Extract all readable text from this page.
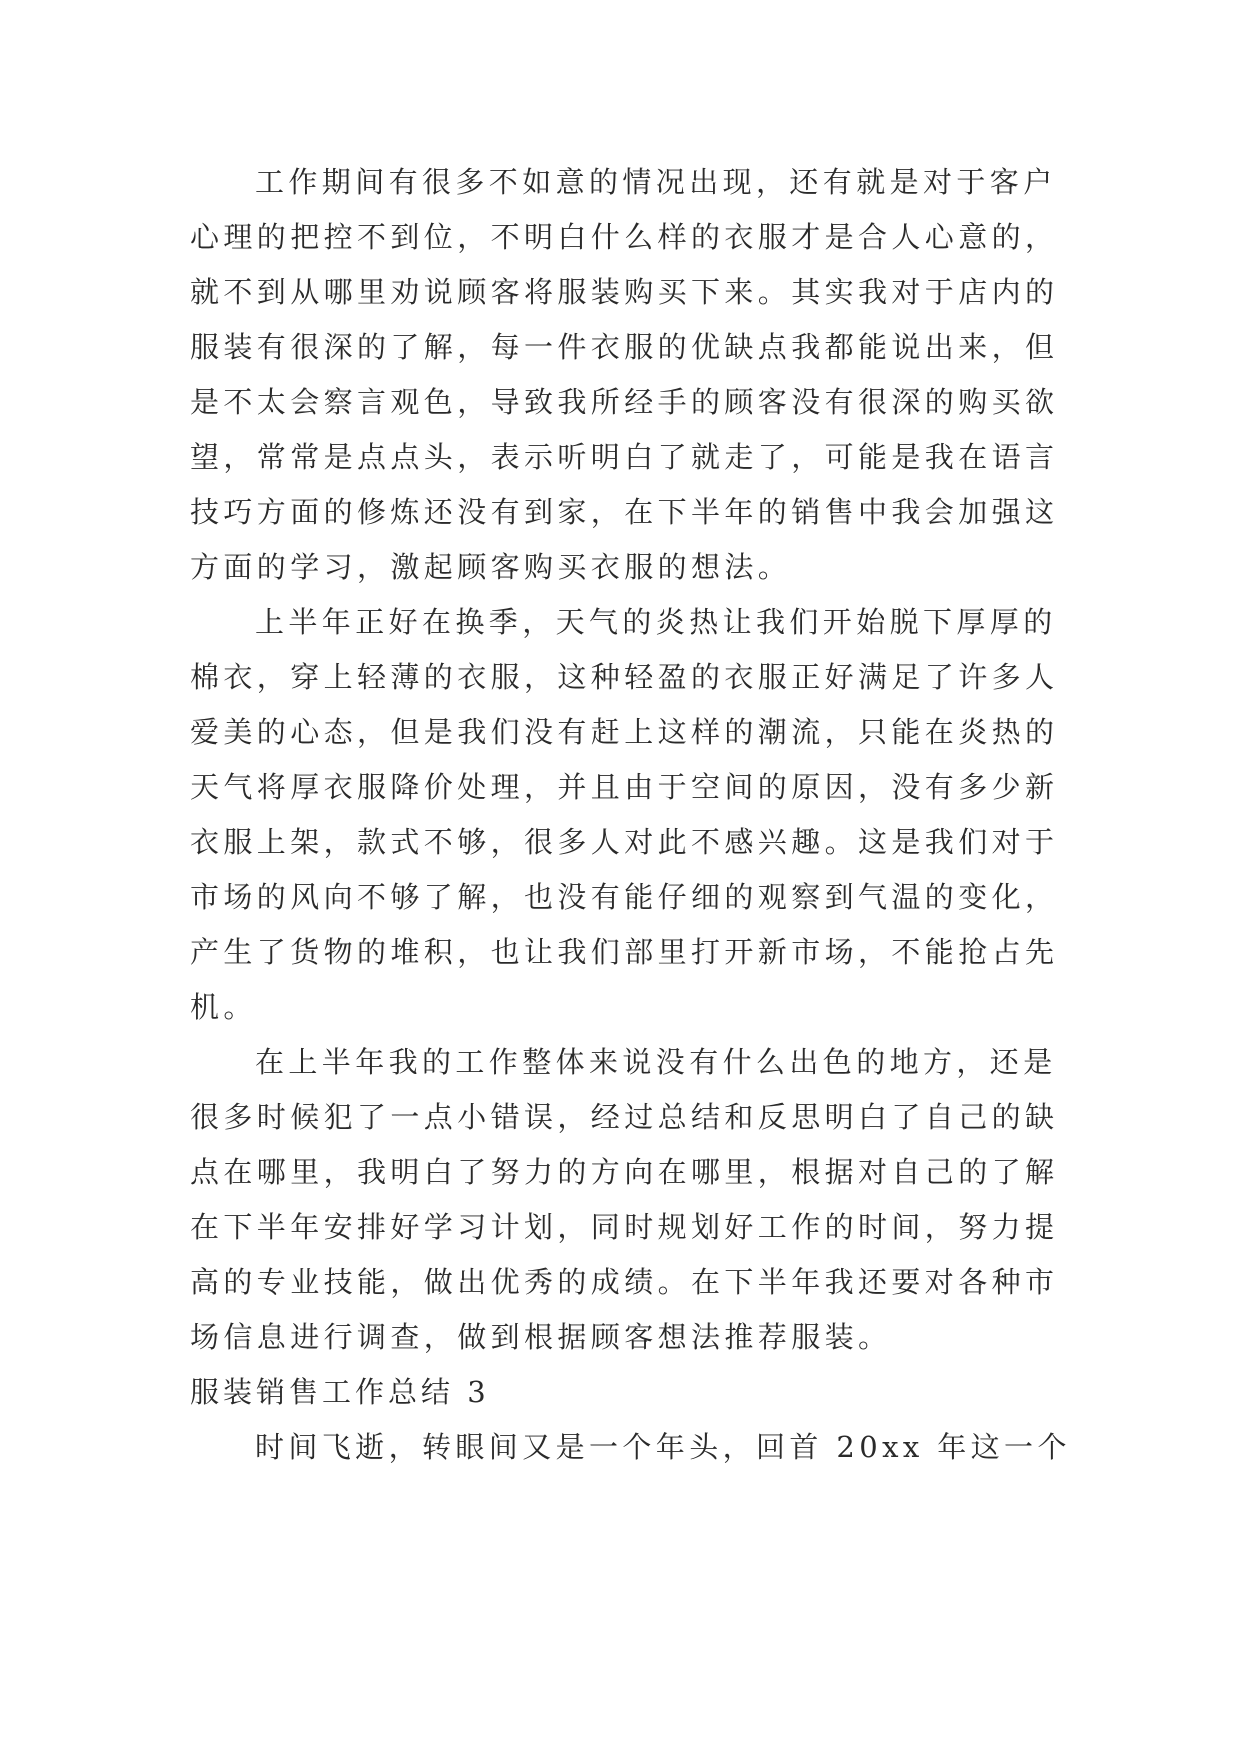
工作期间有很多不如意的情况出现，还有就是对于客户
心理的把控不到位，不明白什么样的衣服才是合人心意的，
就不到从哪里劝说顾客将服装购买下来。其实我对于店内的
服装有很深的了解，每一件衣服的优缺点我都能说出来，但
是不太会察言观色，导致我所经手的顾客没有很深的购买欲
望，常常是点点头，表示听明白了就走了，可能是我在语言
技巧方面的修炼还没有到家，在下半年的销售中我会加强这
方面的学习，激起顾客购买衣服的想法。
上半年正好在换季，天气的炎热让我们开始脱下厚厚的
棉衣，穿上轻薄的衣服，这种轻盈的衣服正好满足了许多人
爱美的心态，但是我们没有赶上这样的潮流，只能在炎热的
天气将厚衣服降价处理，并且由于空间的原因，没有多少新
衣服上架，款式不够，很多人对此不感兴趣。这是我们对于
市场的风向不够了解，也没有能仔细的观察到气温的变化，
产生了货物的堆积，也让我们部里打开新市场，不能抢占先
机。
在上半年我的工作整体来说没有什么出色的地方，还是
很多时候犯了一点小错误，经过总结和反思明白了自己的缺
点在哪里，我明白了努力的方向在哪里，根据对自己的了解
在下半年安排好学习计划，同时规划好工作的时间，努力提
高的专业技能，做出优秀的成绩。在下半年我还要对各种市
场信息进行调查，做到根据顾客想法推荐服装。
服装销售工作总结 3
时间飞逝，转眼间又是一个年头，回首 20xx 年这一个
